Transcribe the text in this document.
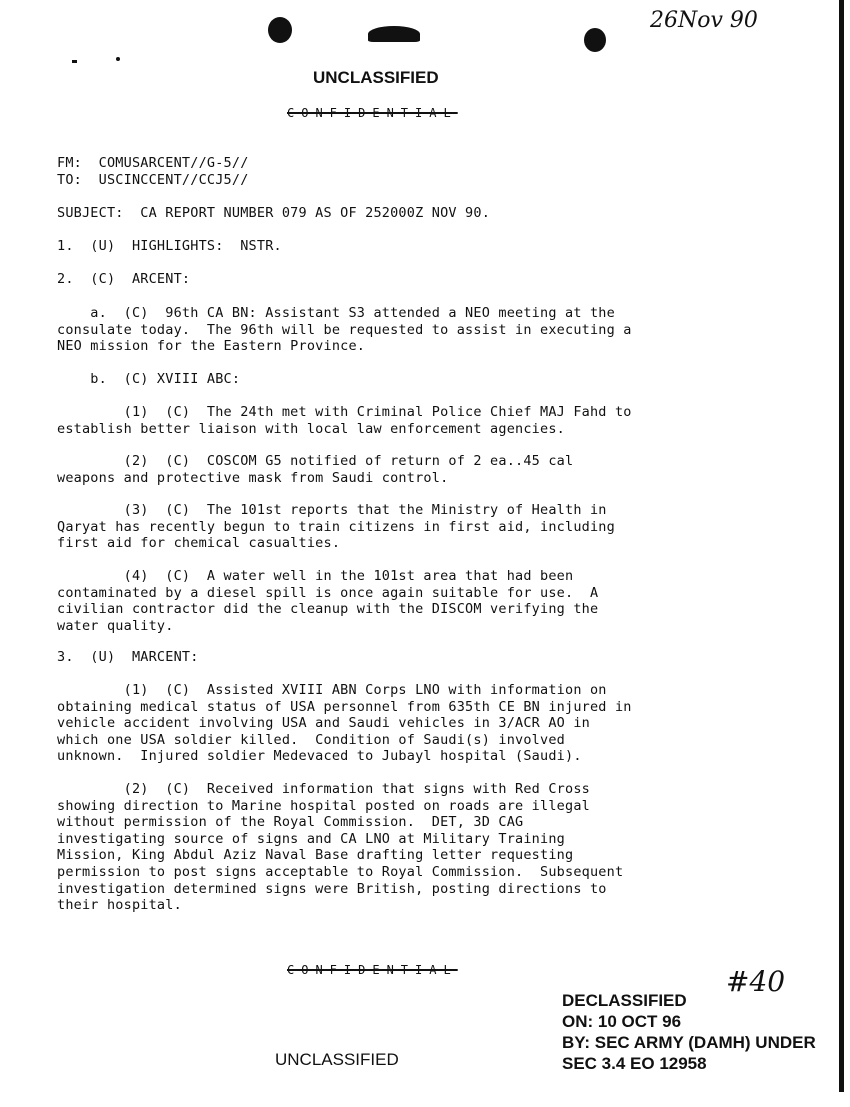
26Nov 90

UNCLASSIFIED

CONFIDENTIAL

FM:  COMUSARCENT//G-5//

TO:  USCINCCENT//CCJ5//

SUBJECT:  CA REPORT NUMBER 079 AS OF 252000Z NOV 90.

1.  (U)  HIGHLIGHTS:  NSTR.

2.  (C)  ARCENT:

a.  (C)  96th CA BN: Assistant S3 attended a NEO meeting at the
consulate today.  The 96th will be requested to assist in executing a
NEO mission for the Eastern Province.

b.  (C) XVIII ABC:

(1)  (C)  The 24th met with Criminal Police Chief MAJ Fahd to
establish better liaison with local law enforcement agencies.

(2)  (C)  COSCOM G5 notified of return of 2 ea..45 cal
weapons and protective mask from Saudi control.

(3)  (C)  The 101st reports that the Ministry of Health in
Qaryat has recently begun to train citizens in first aid, including
first aid for chemical casualties.

(4)  (C)  A water well in the 101st area that had been
contaminated by a diesel spill is once again suitable for use.  A
civilian contractor did the cleanup with the DISCOM verifying the
water quality.

3.  (U)  MARCENT:

(1)  (C)  Assisted XVIII ABN Corps LNO with information on
obtaining medical status of USA personnel from 635th CE BN injured in
vehicle accident involving USA and Saudi vehicles in 3/ACR AO in
which one USA soldier killed.  Condition of Saudi(s) involved
unknown.  Injured soldier Medevaced to Jubayl hospital (Saudi).

(2)  (C)  Received information that signs with Red Cross
showing direction to Marine hospital posted on roads are illegal
without permission of the Royal Commission.  DET, 3D CAG
investigating source of signs and CA LNO at Military Training
Mission, King Abdul Aziz Naval Base drafting letter requesting
permission to post signs acceptable to Royal Commission.  Subsequent
investigation determined signs were British, posting directions to
their hospital.

CONFIDENTIAL

UNCLASSIFIED

#40

DECLASSIFIED

ON: 10 OCT 96

BY: SEC ARMY (DAMH) UNDER

SEC 3.4 EO 12958
